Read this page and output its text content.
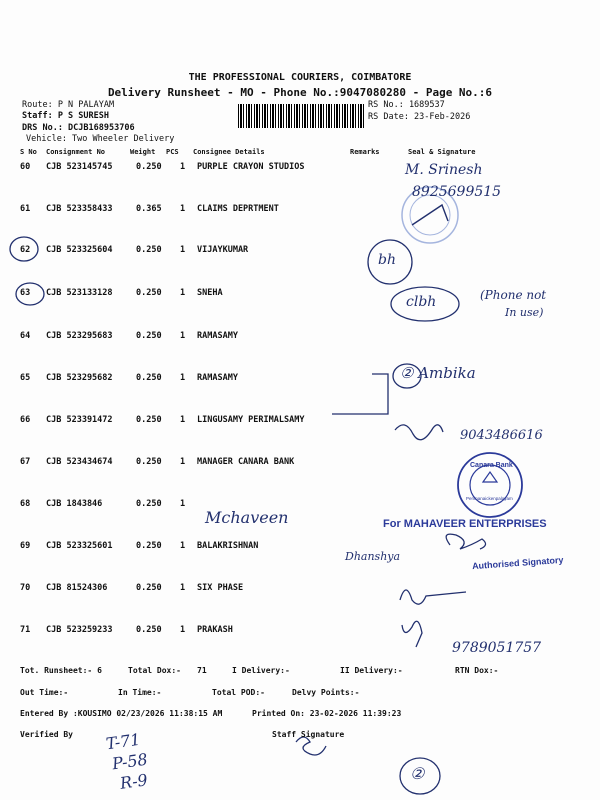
THE PROFESSIONAL COURIERS, COIMBATORE
Delivery Runsheet - MO - Phone No.:9047080280 - Page No.:6
Route: P N PALAYAM
Staff: P S SURESH
DRS No.: DCJB168953706
Vehicle: Two Wheeler Delivery
RS No.: 1689537
RS Date: 23-Feb-2026
S No Consignment No	Weight PCS Consignee Details	Remarks	Seal & Signature
60 CJB 523145745	0.250 1 PURPLE CRAYON STUDIOS
61 CJB 523358433	0.365 1 CLAIMS DEPRTMENT
62 CJB 523325604	0.250 1 VIJAYKUMAR
63 CJB 523133128	0.250 1 SNEHA
64 CJB 523295683	0.250 1 RAMASAMY
65 CJB 523295682	0.250 1 RAMASAMY
66 CJB 523391472	0.250 1 LINGUSAMY PERIMALSAMY
67 CJB 523434674	0.250 1 MANAGER CANARA BANK
68 CJB 1843846	0.250 1
69 CJB 523325601	0.250 1 BALAKRISHNAN
70 CJB 81524306	0.250 1 SIX PHASE
71 CJB 523259233	0.250 1 PRAKASH
M. Srinesh
8925699515
bh
clbh	(Phone not
In use)
② Ambika
9043486616
Mchaveen
Dhanshya
9789051757
Canara Bank
Perimanaickenpalayam
For MAHAVEER ENTERPRISES
Authorised Signatory
Tot. Runsheet:- 6	Total Dox:- 71	I Delivery:-	II Delivery:-	RTN Dox:-
Out Time:-	In Time:-	Total POD:-	Delvy Points:-
Entered By :KOUSIMO 02/23/2026 11:38:15 AM	Printed On: 23-02-2026 11:39:23
Verified By	Staff Signature
T-71
P-58
R-9	②
